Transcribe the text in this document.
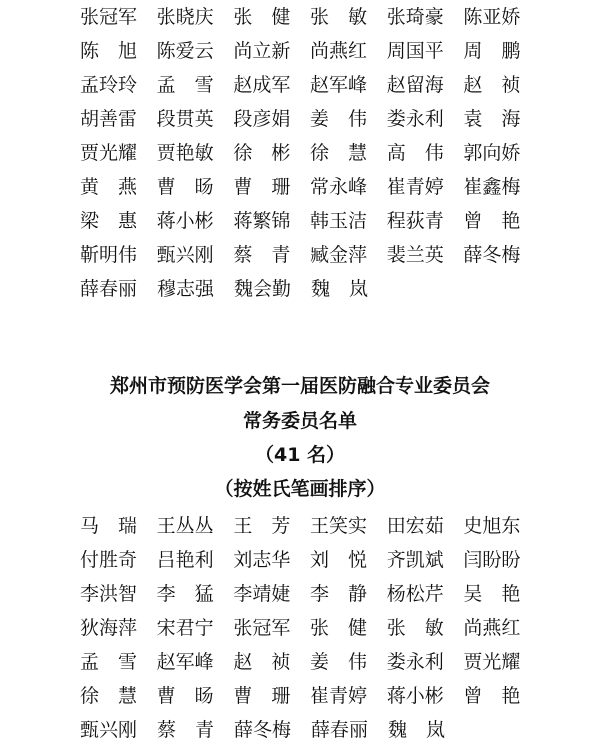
张冠军	张晓庆	张　健	张　敏	张琦豪	陈亚娇
陈　旭	陈爱云	尚立新	尚燕红	周国平	周　鹏
孟玲玲	孟　雪	赵成军	赵军峰	赵留海	赵　祯
胡善雷	段贯英	段彦娟	姜　伟	娄永利	袁　海
贾光耀	贾艳敏	徐　彬	徐　慧	高　伟	郭向娇
黄　燕	曹　旸	曹　珊	常永峰	崔青婷	崔鑫梅
梁　惠	蒋小彬	蒋繁锦	韩玉洁	程荻青	曾　艳
靳明伟	甄兴刚	蔡　青	臧金萍	裴兰英	薛冬梅
薛春丽	穆志强	魏会勤	魏　岚
郑州市预防医学会第一届医防融合专业委员会
常务委员名单
（41 名）
（按姓氏笔画排序）
马　瑞	王丛丛	王　芳	王笑实	田宏茹	史旭东
付胜奇	吕艳利	刘志华	刘　悦	齐凯斌	闫盼盼
李洪智	李　猛	李靖婕	李　静	杨松芹	吴　艳
狄海萍	宋君宁	张冠军	张　健	张　敏	尚燕红
孟　雪	赵军峰	赵　祯	姜　伟	娄永利	贾光耀
徐　慧	曹　旸	曹　珊	崔青婷	蒋小彬	曾　艳
甄兴刚	蔡　青	薛冬梅	薛春丽	魏　岚
